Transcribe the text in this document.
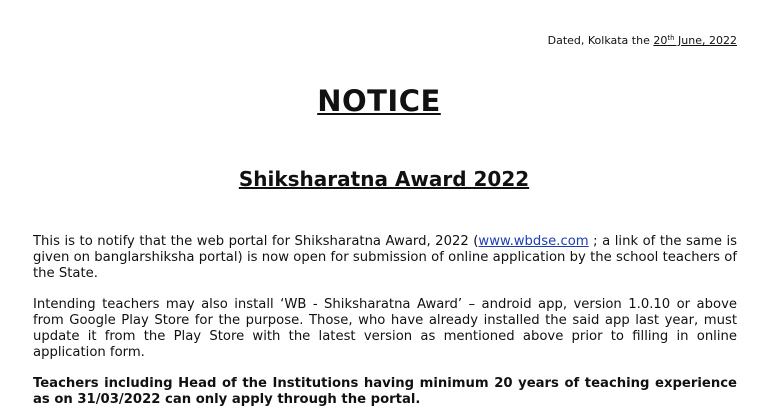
Dated, Kolkata the 20th June, 2022
NOTICE
Shiksharatna Award 2022
This is to notify that the web portal for Shiksharatna Award, 2022 (www.wbdse.com ; a link of the same is given on banglarshiksha portal) is now open for submission of online application by the school teachers of the State.
Intending teachers may also install ‘WB - Shiksharatna Award’ – android app, version 1.0.10 or above from Google Play Store for the purpose. Those, who have already installed the said app last year, must update it from the Play Store with the latest version as mentioned above prior to filling in online application form.
Teachers including Head of the Institutions having minimum 20 years of teaching experience as on 31/03/2022 can only apply through the portal.
